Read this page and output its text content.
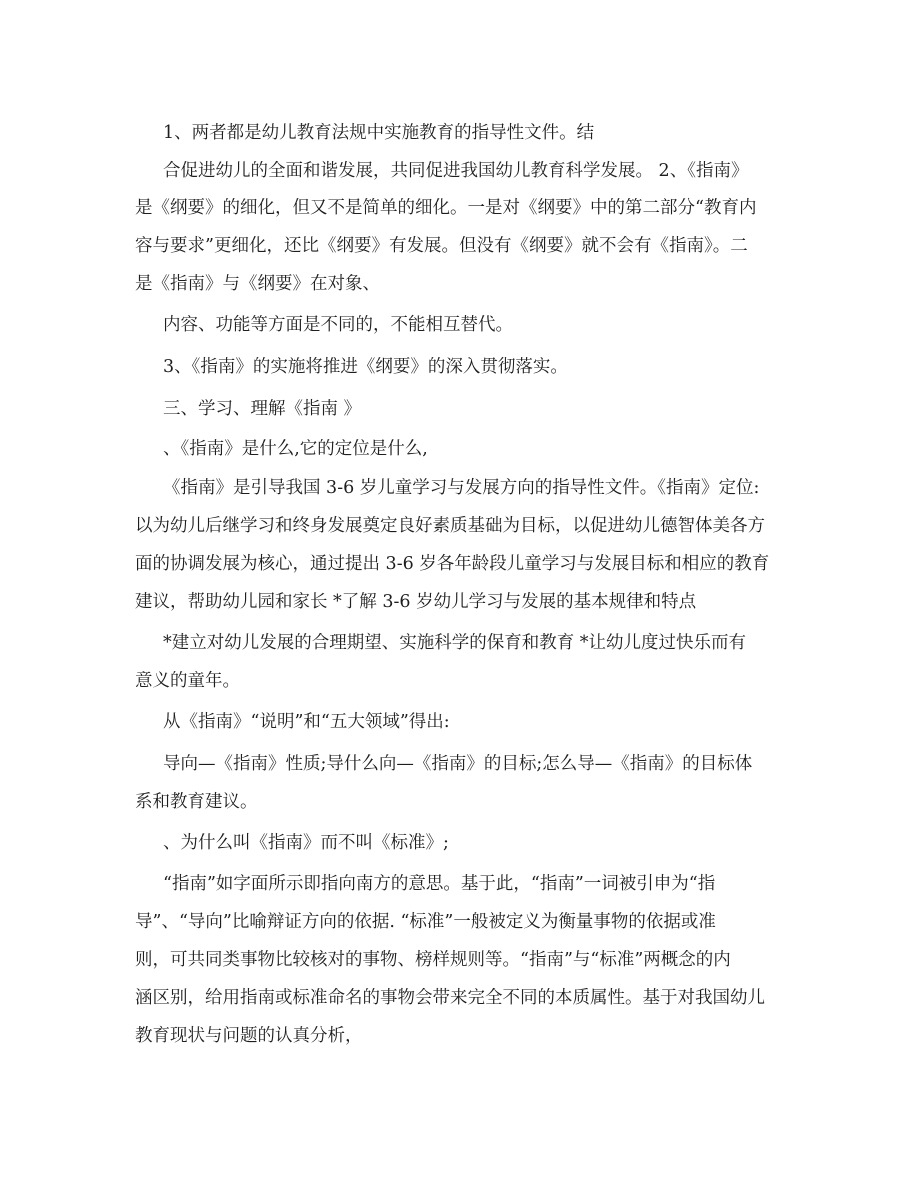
1、两者都是幼儿教育法规中实施教育的指导性文件。结
合促进幼儿的全面和谐发展，共同促进我国幼儿教育科学发展。 2、《指南》
是《纲要》的细化，但又不是简单的细化。一是对《纲要》中的第二部分“教育内
容与要求”更细化，还比《纲要》有发展。但没有《纲要》就不会有《指南》。二
是《指南》与《纲要》在对象、
内容、功能等方面是不同的，不能相互替代。
3、《指南》的实施将推进《纲要》的深入贯彻落实。
三、学习、理解《指南 》
、《指南》是什么,它的定位是什么,
《指南》是引导我国 3-6 岁儿童学习与发展方向的指导性文件。《指南》定位:
以为幼儿后继学习和终身发展奠定良好素质基础为目标，以促进幼儿德智体美各方
面的协调发展为核心，通过提出 3-6 岁各年龄段儿童学习与发展目标和相应的教育
建议，帮助幼儿园和家长 *了解 3-6 岁幼儿学习与发展的基本规律和特点
*建立对幼儿发展的合理期望、实施科学的保育和教育 *让幼儿度过快乐而有
意义的童年。
从《指南》“说明”和“五大领域”得出:
导向—《指南》性质;导什么向—《指南》的目标;怎么导—《指南》的目标体
系和教育建议。
、为什么叫《指南》而不叫《标准》;
“指南”如字面所示即指向南方的意思。基于此，“指南”一词被引申为“指
导”、“导向”比喻辩证方向的依据. “标准”一般被定义为衡量事物的依据或准
则，可共同类事物比较核对的事物、榜样规则等。“指南”与“标准”两概念的内
涵区别，给用指南或标准命名的事物会带来完全不同的本质属性。基于对我国幼儿
教育现状与问题的认真分析，
